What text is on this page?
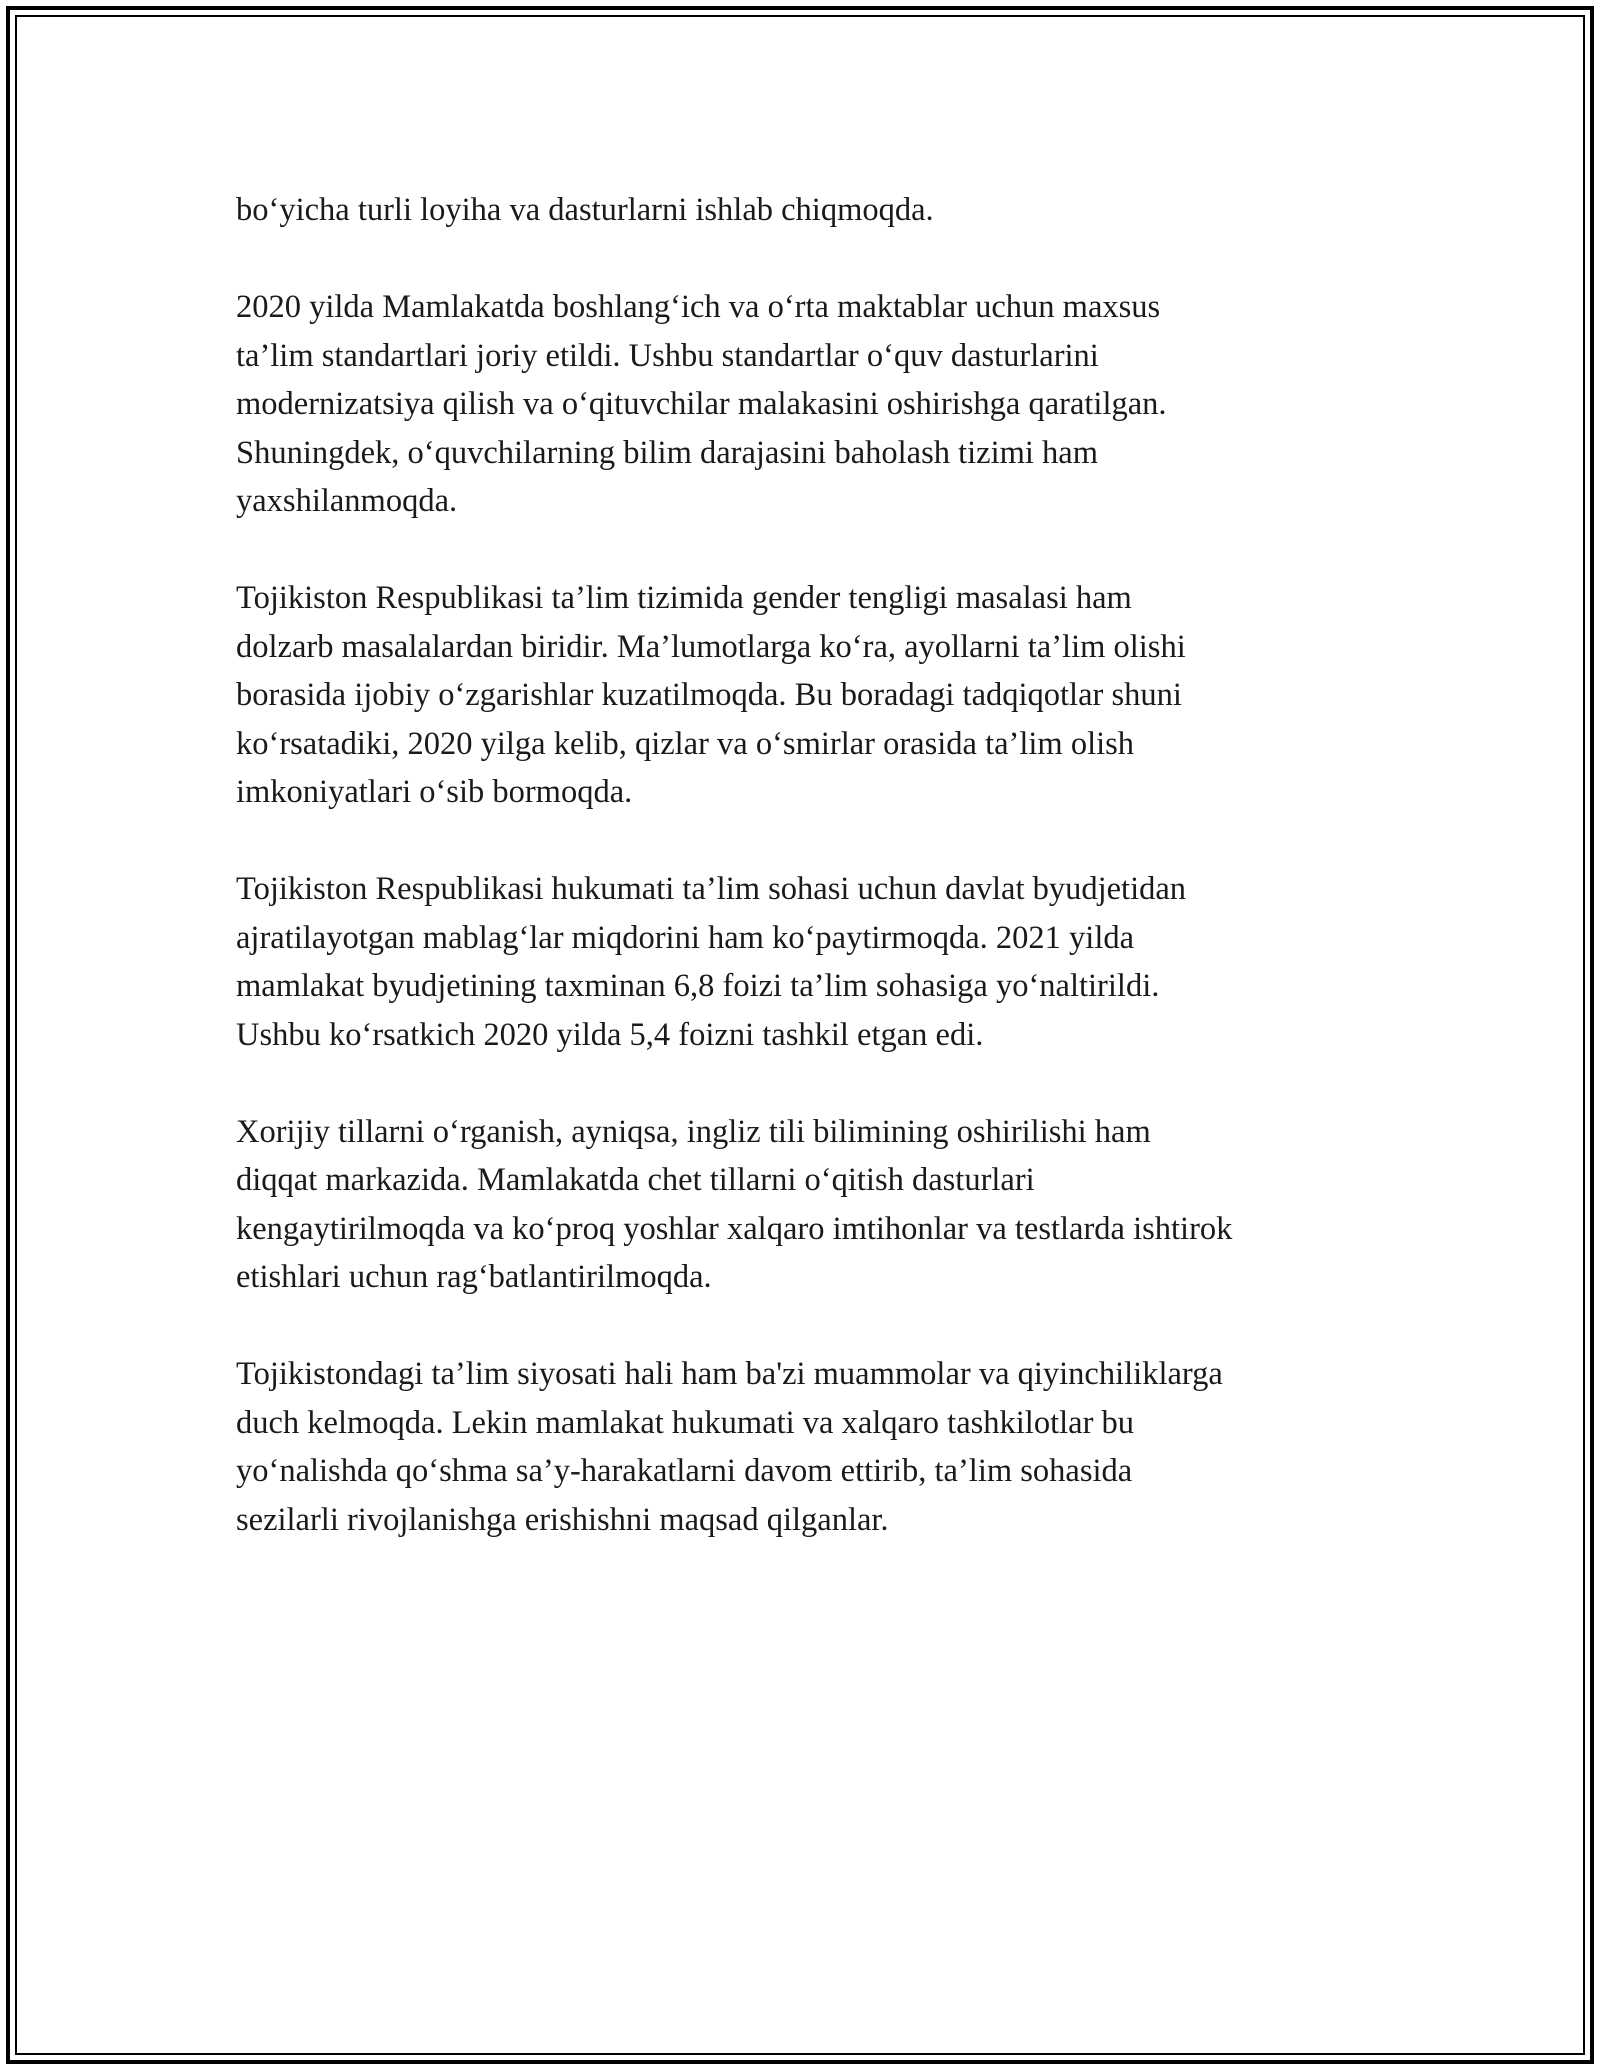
bo‘yicha turli loyiha va dasturlarni ishlab chiqmoqda.

2020 yilda Mamlakatda boshlang‘ich va o‘rta maktablar uchun maxsus
ta’lim standartlari joriy etildi. Ushbu standartlar o‘quv dasturlarini
modernizatsiya qilish va o‘qituvchilar malakasini oshirishga qaratilgan.
Shuningdek, o‘quvchilarning bilim darajasini baholash tizimi ham
yaxshilanmoqda.

Tojikiston Respublikasi ta’lim tizimida gender tengligi masalasi ham
dolzarb masalalardan biridir. Ma’lumotlarga ko‘ra, ayollarni ta’lim olishi
borasida ijobiy o‘zgarishlar kuzatilmoqda. Bu boradagi tadqiqotlar shuni
ko‘rsatadiki, 2020 yilga kelib, qizlar va o‘smirlar orasida ta’lim olish
imkoniyatlari o‘sib bormoqda.

Tojikiston Respublikasi hukumati ta’lim sohasi uchun davlat byudjetidan
ajratilayotgan mablag‘lar miqdorini ham ko‘paytirmoqda. 2021 yilda
mamlakat byudjetining taxminan 6,8 foizi ta’lim sohasiga yo‘naltirildi.
Ushbu ko‘rsatkich 2020 yilda 5,4 foizni tashkil etgan edi.

Xorijiy tillarni o‘rganish, ayniqsa, ingliz tili bilimining oshirilishi ham
diqqat markazida. Mamlakatda chet tillarni o‘qitish dasturlari
kengaytirilmoqda va ko‘proq yoshlar xalqaro imtihonlar va testlarda ishtirok
etishlari uchun rag‘batlantirilmoqda.

Tojikistondagi ta’lim siyosati hali ham ba'zi muammolar va qiyinchiliklarga
duch kelmoqda. Lekin mamlakat hukumati va xalqaro tashkilotlar bu
yo‘nalishda qo‘shma sa’y-harakatlarni davom ettirib, ta’lim sohasida
sezilarli rivojlanishga erishishni maqsad qilganlar.
